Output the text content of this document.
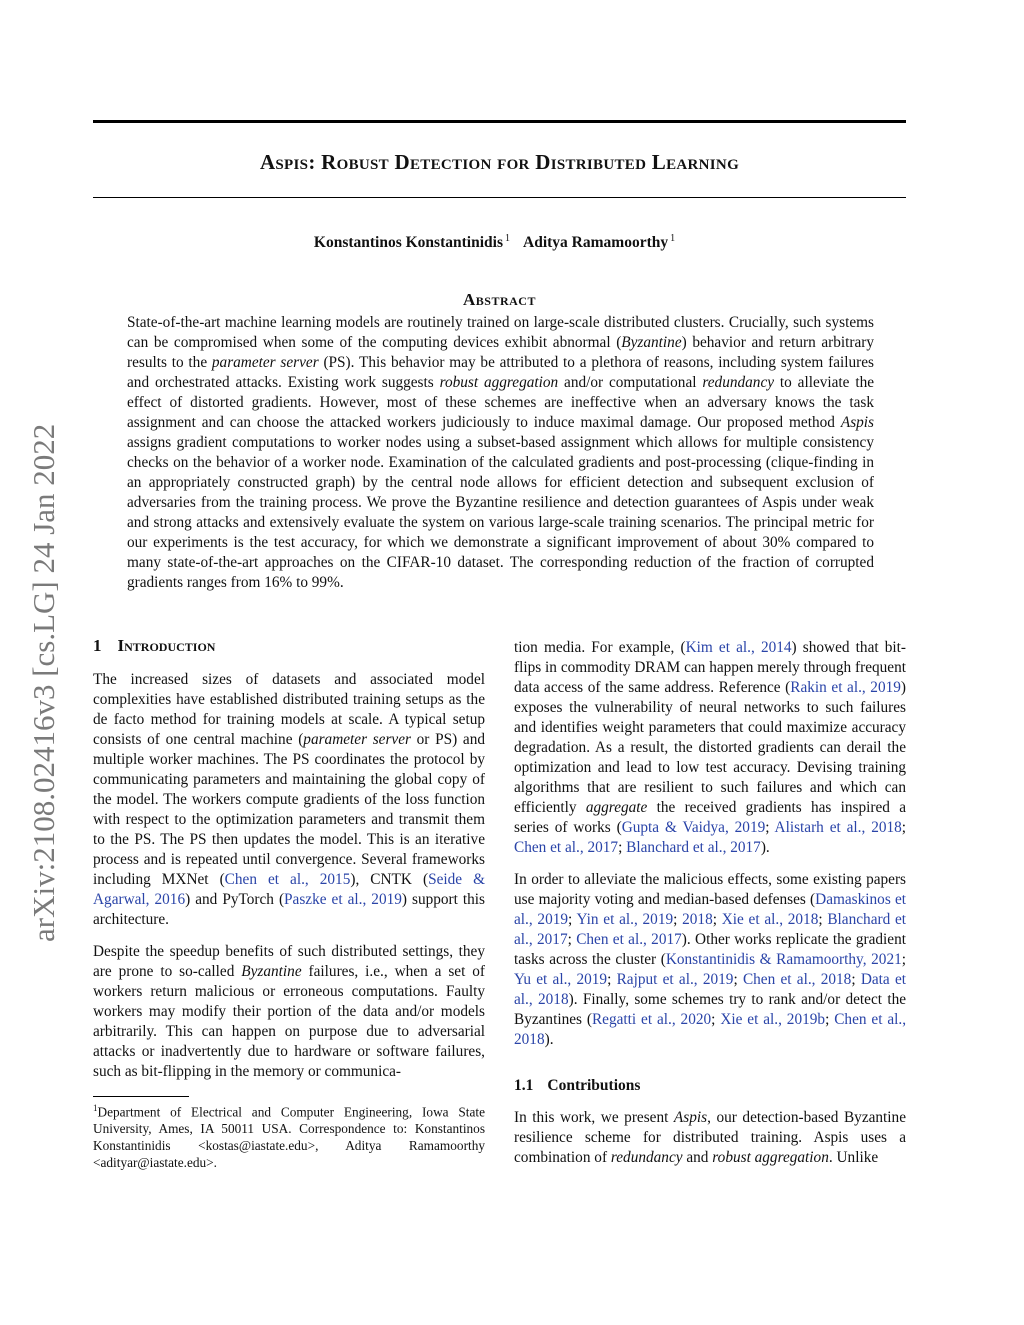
Aspis: Robust Detection for Distributed Learning
Konstantinos Konstantinidis $^1$ Aditya Ramamoorthy $^1$
Abstract

State-of-the-art machine learning models are routinely trained on large-scale distributed clusters. Crucially, such systems can be compromised when some of the computing devices exhibit abnormal (Byzantine) behavior and return arbitrary results to the parameter server (PS). This behavior may be attributed to a plethora of reasons, including system failures and orchestrated attacks. Existing work suggests robust aggregation and/or computational redundancy to alleviate the effect of distorted gradients. However, most of these schemes are ineffective when an adversary knows the task assignment and can choose the attacked workers judiciously to induce maximal damage. Our proposed method Aspis assigns gradient computations to worker nodes using a subset-based assignment which allows for multiple consistency checks on the behavior of a worker node. Examination of the calculated gradients and post-processing (clique-finding in an appropriately constructed graph) by the central node allows for efficient detection and subsequent exclusion of adversaries from the training process. We prove the Byzantine resilience and detection guarantees of Aspis under weak and strong attacks and extensively evaluate the system on various large-scale training scenarios. The principal metric for our experiments is the test accuracy, for which we demonstrate a significant improvement of about 30% compared to many state-of-the-art approaches on the CIFAR-10 dataset. The corresponding reduction of the fraction of corrupted gradients ranges from 16% to 99%.

arXiv:2108.02416v3 [cs.LG] 24 Jan 2022 1 Introduction

The increased sizes of datasets and associated model complexities have established distributed training setups as the de facto method for training models at scale. A typical setup consists of one central machine (parameter server or PS) and multiple worker machines. The PS coordinates the protocol by communicating parameters and maintaining the global copy of the model. The workers compute gradients of the loss function with respect to the optimization parameters and transmit them to the PS. The PS then updates the model. This is an iterative process and is repeated until convergence. Several frameworks including MXNet (Chen et al., 2015), CNTK (Seide & Agarwal, 2016) and PyTorch (Paszke et al., 2019) support this architecture.

Despite the speedup benefits of such distributed settings, they are prone to so-called Byzantine failures, i.e., when a set of workers return malicious or erroneous computations. Faulty workers may modify their portion of the data and/or models arbitrarily. This can happen on purpose due to adversarial attacks or inadvertently due to hardware or software failures, such as bit-flipping in the memory or communica-

$^1$Department of Electrical and Computer Engineering, Iowa State University, Ames, IA 50011 USA. Correspondence to: Konstantinos Konstantinidis <kostas@iastate.edu>, Aditya Ramamoorthy <adityar@iastate.edu>.

tion media. For example, (Kim et al., 2014) showed that bit-flips in commodity DRAM can happen merely through frequent data access of the same address. Reference (Rakin et al., 2019) exposes the vulnerability of neural networks to such failures and identifies weight parameters that could maximize accuracy degradation. As a result, the distorted gradients can derail the optimization and lead to low test accuracy. Devising training algorithms that are resilient to such failures and which can efficiently aggregate the received gradients has inspired a series of works (Gupta & Vaidya, 2019; Alistarh et al., 2018; Chen et al., 2017; Blanchard et al., 2017).

In order to alleviate the malicious effects, some existing papers use majority voting and median-based defenses (Damaskinos et al., 2019; Yin et al., 2019; 2018; Xie et al., 2018; Blanchard et al., 2017; Chen et al., 2017). Other works replicate the gradient tasks across the cluster (Konstantinidis & Ramamoorthy, 2021; Yu et al., 2019; Rajput et al., 2019; Chen et al., 2018; Data et al., 2018). Finally, some schemes try to rank and/or detect the Byzantines (Regatti et al., 2020; Xie et al., 2019b; Chen et al., 2018).

1.1 Contributions

In this work, we present Aspis, our detection-based Byzantine resilience scheme for distributed training. Aspis uses a combination of redundancy and robust aggregation. Unlike
